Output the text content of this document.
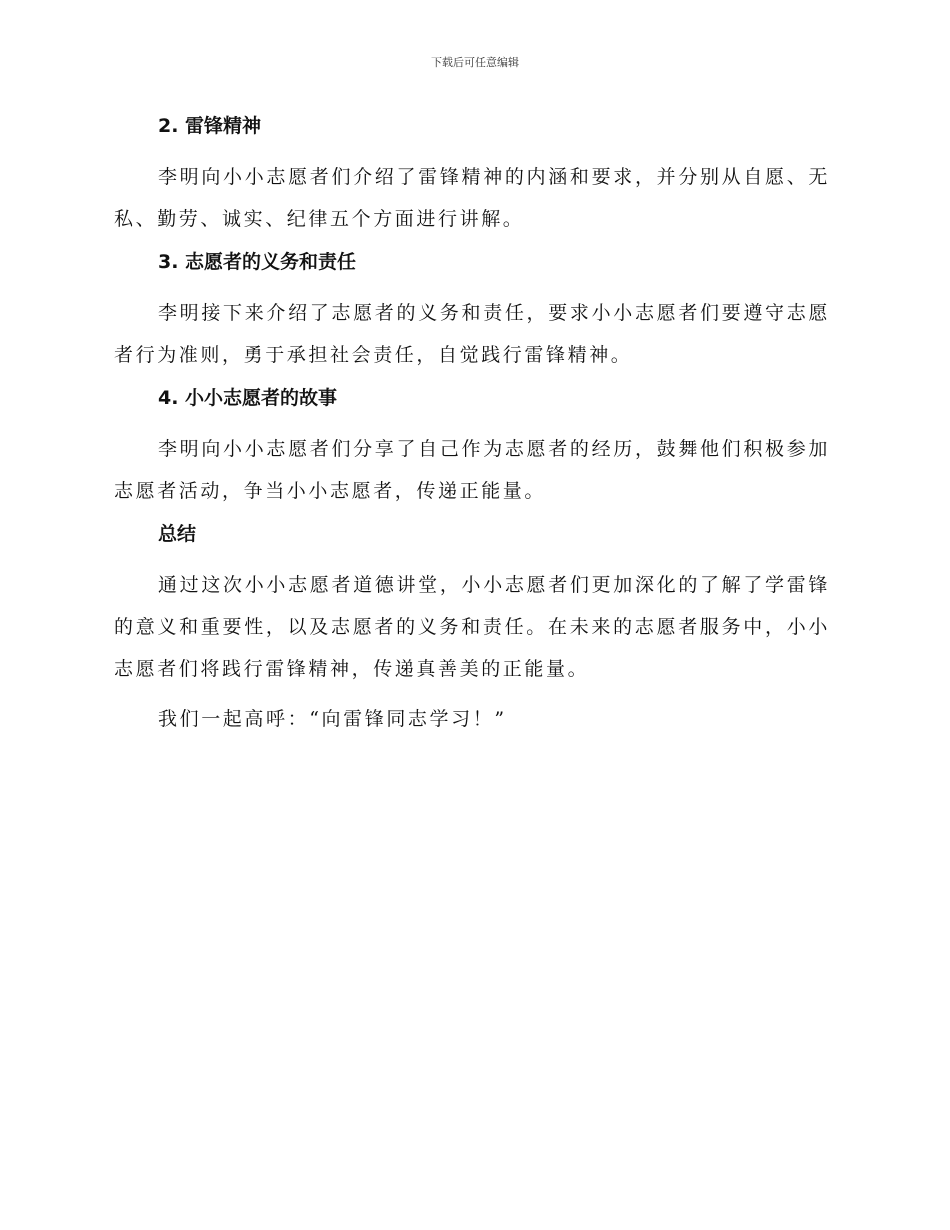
下载后可任意编辑
2. 雷锋精神

李明向小小志愿者们介绍了雷锋精神的内涵和要求，并分别从自愿、无私、勤劳、诚实、纪律五个方面进行讲解。

3. 志愿者的义务和责任

李明接下来介绍了志愿者的义务和责任，要求小小志愿者们要遵守志愿者行为准则，勇于承担社会责任，自觉践行雷锋精神。

4. 小小志愿者的故事

李明向小小志愿者们分享了自己作为志愿者的经历，鼓舞他们积极参加志愿者活动，争当小小志愿者，传递正能量。

总结

通过这次小小志愿者道德讲堂，小小志愿者们更加深化的了解了学雷锋的意义和重要性，以及志愿者的义务和责任。在未来的志愿者服务中，小小志愿者们将践行雷锋精神，传递真善美的正能量。

我们一起高呼：“向雷锋同志学习！”
